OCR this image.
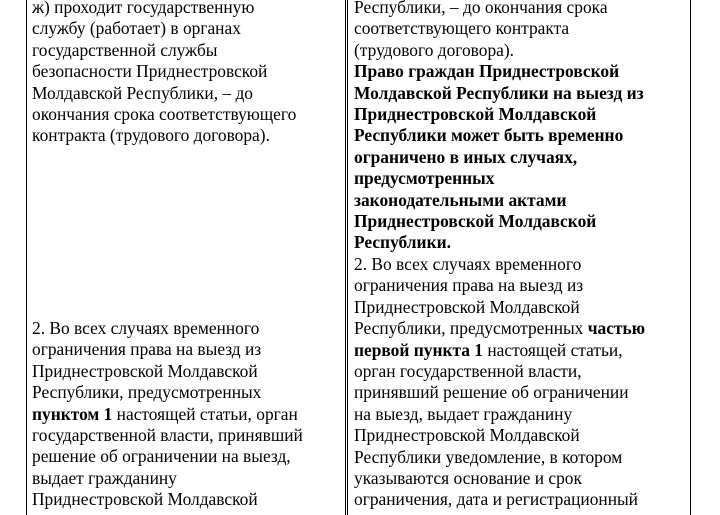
ж) проходит государственную
службу (работает) в органах
государственной службы
безопасности Приднестровской
Молдавской Республики, – до
окончания срока соответствующего
контракта (трудового договора).
2. Во всех случаях временного
ограничения права на выезд из
Приднестровской Молдавской
Республики, предусмотренных
пунктом 1 настоящей статьи, орган
государственной власти, принявший
решение об ограничении на выезд,
выдает гражданину
Приднестровской Молдавской
Республики, – до окончания срока
соответствующего контракта
(трудового договора).
Право граждан Приднестровской
Молдавской Республики на выезд из
Приднестровской Молдавской
Республики может быть временно
ограничено в иных случаях,
предусмотренных
законодательными актами
Приднестровской Молдавской
Республики.
2. Во всех случаях временного
ограничения права на выезд из
Приднестровской Молдавской
Республики, предусмотренных частью
первой пункта 1 настоящей статьи,
орган государственной власти,
принявший решение об ограничении
на выезд, выдает гражданину
Приднестровской Молдавской
Республики уведомление, в котором
указываются основание и срок
ограничения, дата и регистрационный
